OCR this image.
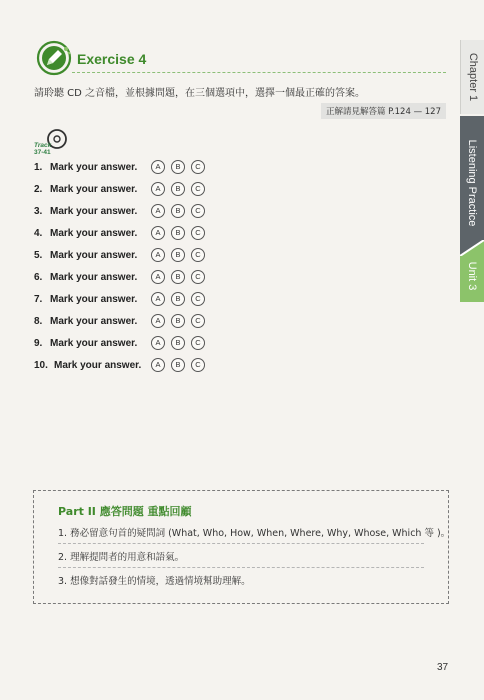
Exercise 4
請聆聽 CD 之音檔，並根據問題，在三個選項中，選擇一個最正確的答案。
正解請見解答篇 P.124 — 127
Track
37-41
1. Mark your answer.	A	B	C
2. Mark your answer.	A	B	C
3. Mark your answer.	A	B	C
4. Mark your answer.	A	B	C
5. Mark your answer.	A	B	C
6. Mark your answer.	A	B	C
7. Mark your answer.	A	B	C
8. Mark your answer.	A	B	C
9. Mark your answer.	A	B	C
10. Mark your answer.	A	B	C
Chapter 1
Listening Practice
Unit 3
Part II 應答問題 重點回顧
1. 務必留意句首的疑問詞 (What, Who, How, When, Where, Why, Whose, Which 等 )。
2. 理解提問者的用意和語氣。
3. 想像對話發生的情境，透過情境幫助理解。
37
